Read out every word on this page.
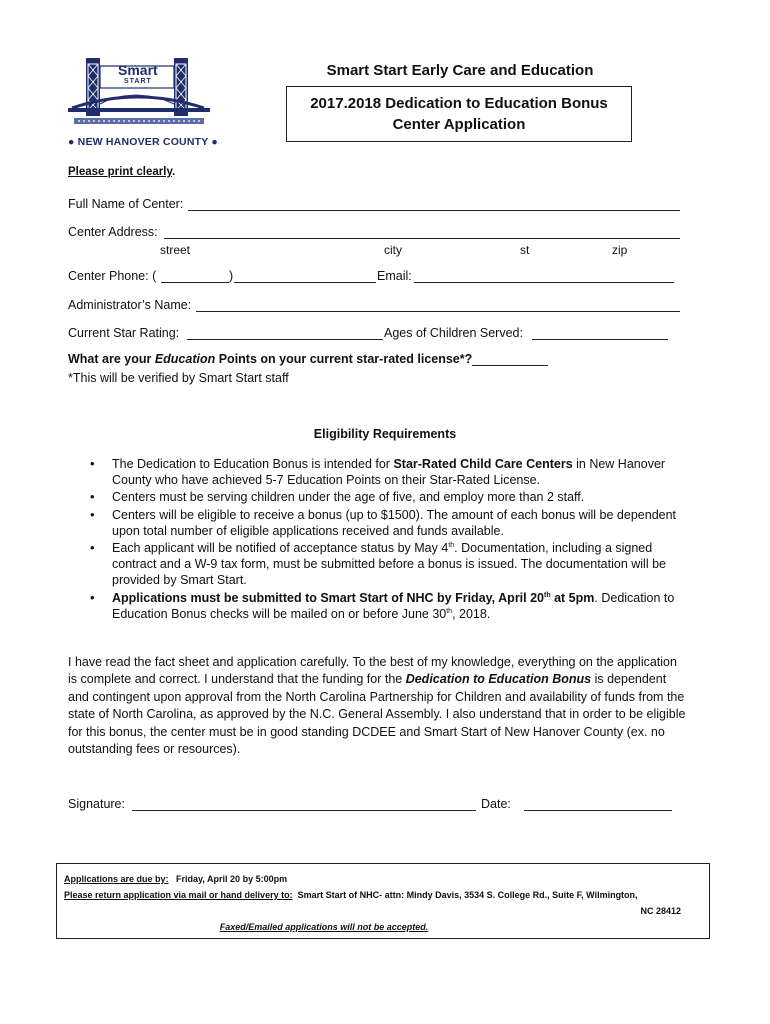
Smart
START
● NEW HANOVER COUNTY ●
Smart Start Early Care and Education
2017.2018 Dedication to Education Bonus
Center Application
Please print clearly.
Full Name of Center:
Center Address:
street	city	st	zip
Center Phone: (	)	Email:
Administrator’s Name:
Current Star Rating:	Ages of Children Served:
What are your Education Points on your current star-rated license*?
*This will be verified by Smart Start staff
Eligibility Requirements
• The Dedication to Education Bonus is intended for Star-Rated Child Care Centers in New Hanover County who have achieved 5-7 Education Points on their Star-Rated License.
• Centers must be serving children under the age of five, and employ more than 2 staff.
• Centers will be eligible to receive a bonus (up to $1500). The amount of each bonus will be dependent upon total number of eligible applications received and funds available.
• Each applicant will be notified of acceptance status by May 4th. Documentation, including a signed contract and a W-9 tax form, must be submitted before a bonus is issued. The documentation will be provided by Smart Start.
• Applications must be submitted to Smart Start of NHC by Friday, April 20th at 5pm. Dedication to Education Bonus checks will be mailed on or before June 30th, 2018.
I have read the fact sheet and application carefully. To the best of my knowledge, everything on the application is complete and correct. I understand that the funding for the Dedication to Education Bonus is dependent and contingent upon approval from the North Carolina Partnership for Children and availability of funds from the state of North Carolina, as approved by the N.C. General Assembly. I also understand that in order to be eligible for this bonus, the center must be in good standing DCDEE and Smart Start of New Hanover County (ex. no outstanding fees or resources).
Signature:	Date:
Applications are due by: Friday, April 20 by 5:00pm
Please return application via mail or hand delivery to: Smart Start of NHC- attn: Mindy Davis, 3534 S. College Rd., Suite F, Wilmington,
NC 28412
Faxed/Emailed applications will not be accepted.
